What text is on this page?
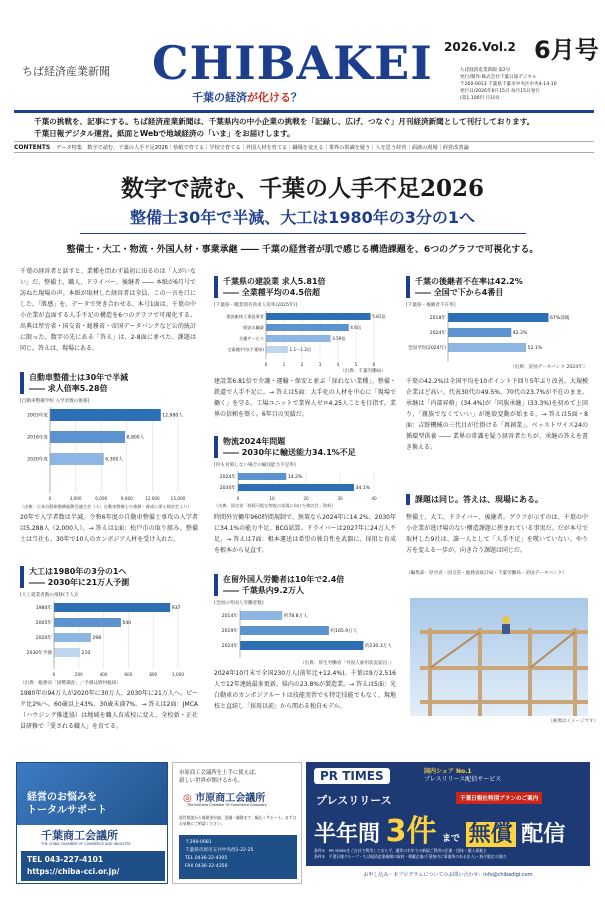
ちば経済産業新聞 CHIBAKEI
千葉の経済が化ける？
2026.Vol.2 6月号
ちば経済産業新聞 第2号
発行/制作:株式会社千葉日報デジタル
〒260-0013 千葉県千葉市中央区中央4-14-10
発行日/2026年6月15日 毎月15日発行
(第1,100円 月1回)
千葉の挑戦を、記事にする。ちば経済産業新聞は、千葉県内の中小企業の挑戦を「記録し、広げ、つなぐ」月刊経済新聞として刊行しております。
千葉日報デジタル運営。紙面とWebで地域経済の「いま」をお届けします。
CONTENTS データ特集　数字で読む、千葉の人手不足2026｜県紙で育てる｜学校で育てる｜外国人材を育てる｜職場を変える｜業界の常識を疑う｜人を思う経営｜面談の現場｜経営改善論
数字で読む、千葉の人手不足2026
整備士30年で半減、大工は1980年の3分の1へ
整備士・大工・物流・外国人材・事業承継 ―― 千葉の経営者が肌で感じる構造課題を、6つのグラフで可視化する。
千葉の経営者と話すと、業種を問わず最初に出るのは「人がいない」だ。整備士、職人、ドライバー、後継者 ―― 本紙が6月号で訪ねた現場の声。本紙が取材した経営者は全員、この一言を口にした。「肌感」を、データで突き合わせる。本号1面は、千葉の中小企業が直面する人手不足の構造を6つのグラフで可視化する。出典は厚労省・国交省・総務省・帝国データバンクなど公的統計に限った。数字の先にある「答え」は、2-8面に並べた。課題は同じ。答えは、現場にある。
自動車整備士は30年で半減
―― 求人倍率5.28倍
[自動車整備学校 入学者数の推移]
0	3,000	6,000	9,000	12,000	15,000
2003年度	12,980人
2016年度	8,800人
2020年度	6,300人
（出典：日本自動車整備振興会連合会（人）自動車整備士の推移・養成に係る検討会より）
20年で入学者数は半減。令和6年度の自動車整備士専攻の入学者は5,288人（2,000人）。→ 答えは1面：松戸市の取り組み。整備士は当社も、30年で10人のカンボジア人材を受け入れた。
大工は1980年の3分の1へ
―― 2030年に21万人予測
[大工就業者数の推移(千人)]
0	200	400	600	800	1,000
1980年	937
2005年	540
2020年	298
2030年予測	210
（出典：総務省「国勢調査」／予測は野村総研）
1980年の94万人が2020年に30万人、2030年に21万人へ。ピーク比2%へ。60歳以上43%、30歳未満7%。→ 答えは2面：JMCA（ハウジング推進協）は地域を職人育成校に変え、全校新・正社員研修で「愛される職人」を育てる。
千葉県の建設業 求人5.81倍
―― 全業種平均の4.5倍超
[千葉県・職業別有効求人倍率(2025年)]
0	1	2	3	4	5	6
建設躯体工事従事者	5.81倍
保安の職業	4.6倍
介護サービス	3.59倍
全業種平均(千葉県)	1.1〜1.2倍
（出典：千葉労働局）
建設業6.81倍で介護・運輸・保安と並ぶ「採れない業種」。整備・鉄道で人手不足に。→ 答えは5面：大手化の人材を中心に「現場で働く」を守る。工場ユニットで業界人ゼロ4.25人ことを目指す。業界の信頼を築く。6年目の実績だ。
物流2024年問題
―― 2030年に輸送能力34.1%不足
[何も対策しない場合の輸送能力不足率]
0	10	20	30	40
2024年	14.2%
2030年	34.1%
（出典：国交省「持続可能な物流の実現に向けた検討会」資料）
時間外労働年960時間規制で、無策なら2024年に14.2%、2030年に34.1%の能力不足。BCG試算。ドライバーは2027年に24万人不足。→ 答えは7面：根本運送は希望の独自性を武器に、採用と育成を根本から見直す。
在留外国人労働者は10年で2.4倍
―― 千葉県内9.2万人
[全国の外国人労働者数]
2014年	約78.8万人
2019年	約165.9万人
2024年	約230.3万人
（出典：厚生労働省「外国人雇用状況届出」）
2024年10月末で全国230万人(前年比+12.4%)。千葉は9万2,516人で12年連続最多更新。県内の23.8%が製造業。→ 答えは5面：光白動車のカンボジアルートは技能実習でも特定技能でもなく、現地校と直結し「採用以前」から関わる独自モデル。
千葉の後継者不在率は42.2%
―― 全国で下から4番目
[千葉県・後継者不在率]
2018年	67%前後
2024年	42.2%
全国平均(2024年)	52.1%
（出典：帝国データバンク 2024年）
千葉の42.2%は全国平均を10ポイント下回り5年ぶり改善。大規模企業ほど高い。代表30代の49.5%、70代の23.7%が不在のまま。承継は「内部昇格」(34.4%)が「同族承継」(33.3%)を初めて上回り、「親族でなくていい」が地殻変動が始まる。→ 答えは5面・8面：吉野機械の三代目が仕掛ける「再創業」、ベッストワイス24の循環型供養 ―― 業界の常識を疑う経営者たちが、承継の答えを書き換える。
課題は同じ。答えは、現場にある。
整備士、大工、ドライバー、後継者。グラフが示すのは、千葉の中小企業が逃げ場のない構造課題に挟まれている事実だ。だが本号で取材した9社は、誰一人として「人手不足」を嘆いていない。やり方を変える一歩が、向き合う課題は同じだ。
（編集部：厚労省・国交省・総務省統計局・千葉労働局・帝国データバンク）
（画像はイメージです）
経営のお悩みを
トータルサポート
千葉商工会議所
THE CHIBA CHAMBER OF COMMERCE AND INDUSTRY
TEL 043-227-4101
https://chiba-cci.or.jp/
市原商工会議所を上手に使えば、
新しい世界が開けるかも。
◎ 市原商工会議所
The Ichihara Chamber Of Commerce &Industry
経営相談から補助金申請、金融・融資まで、幅広くサポート。まずはお気軽にご相談ください。
〒290-0081
千葉県市原市五井中央西1-22-25
TEL 0436-22-4305
FAX 0436-22-4356
PR TIMES	国内シェア No.1
プレスリリース配信サービス
千葉日報社特別プランのご案内
プレスリリース
半年間 3件 まで 無償 配信
条件①　PR TIMESをご自社で利用しておらず、通常の半年での新規ご利用の企業・団体・個人事業主
条件②　千葉日報グループ・ちば経済産業新聞の取材・掲載企業(千葉県内に事業所のある法人)・紹介限定の案内
お申し込み・本プログラムについてのお問い合わせ：info@chibadigi.com
